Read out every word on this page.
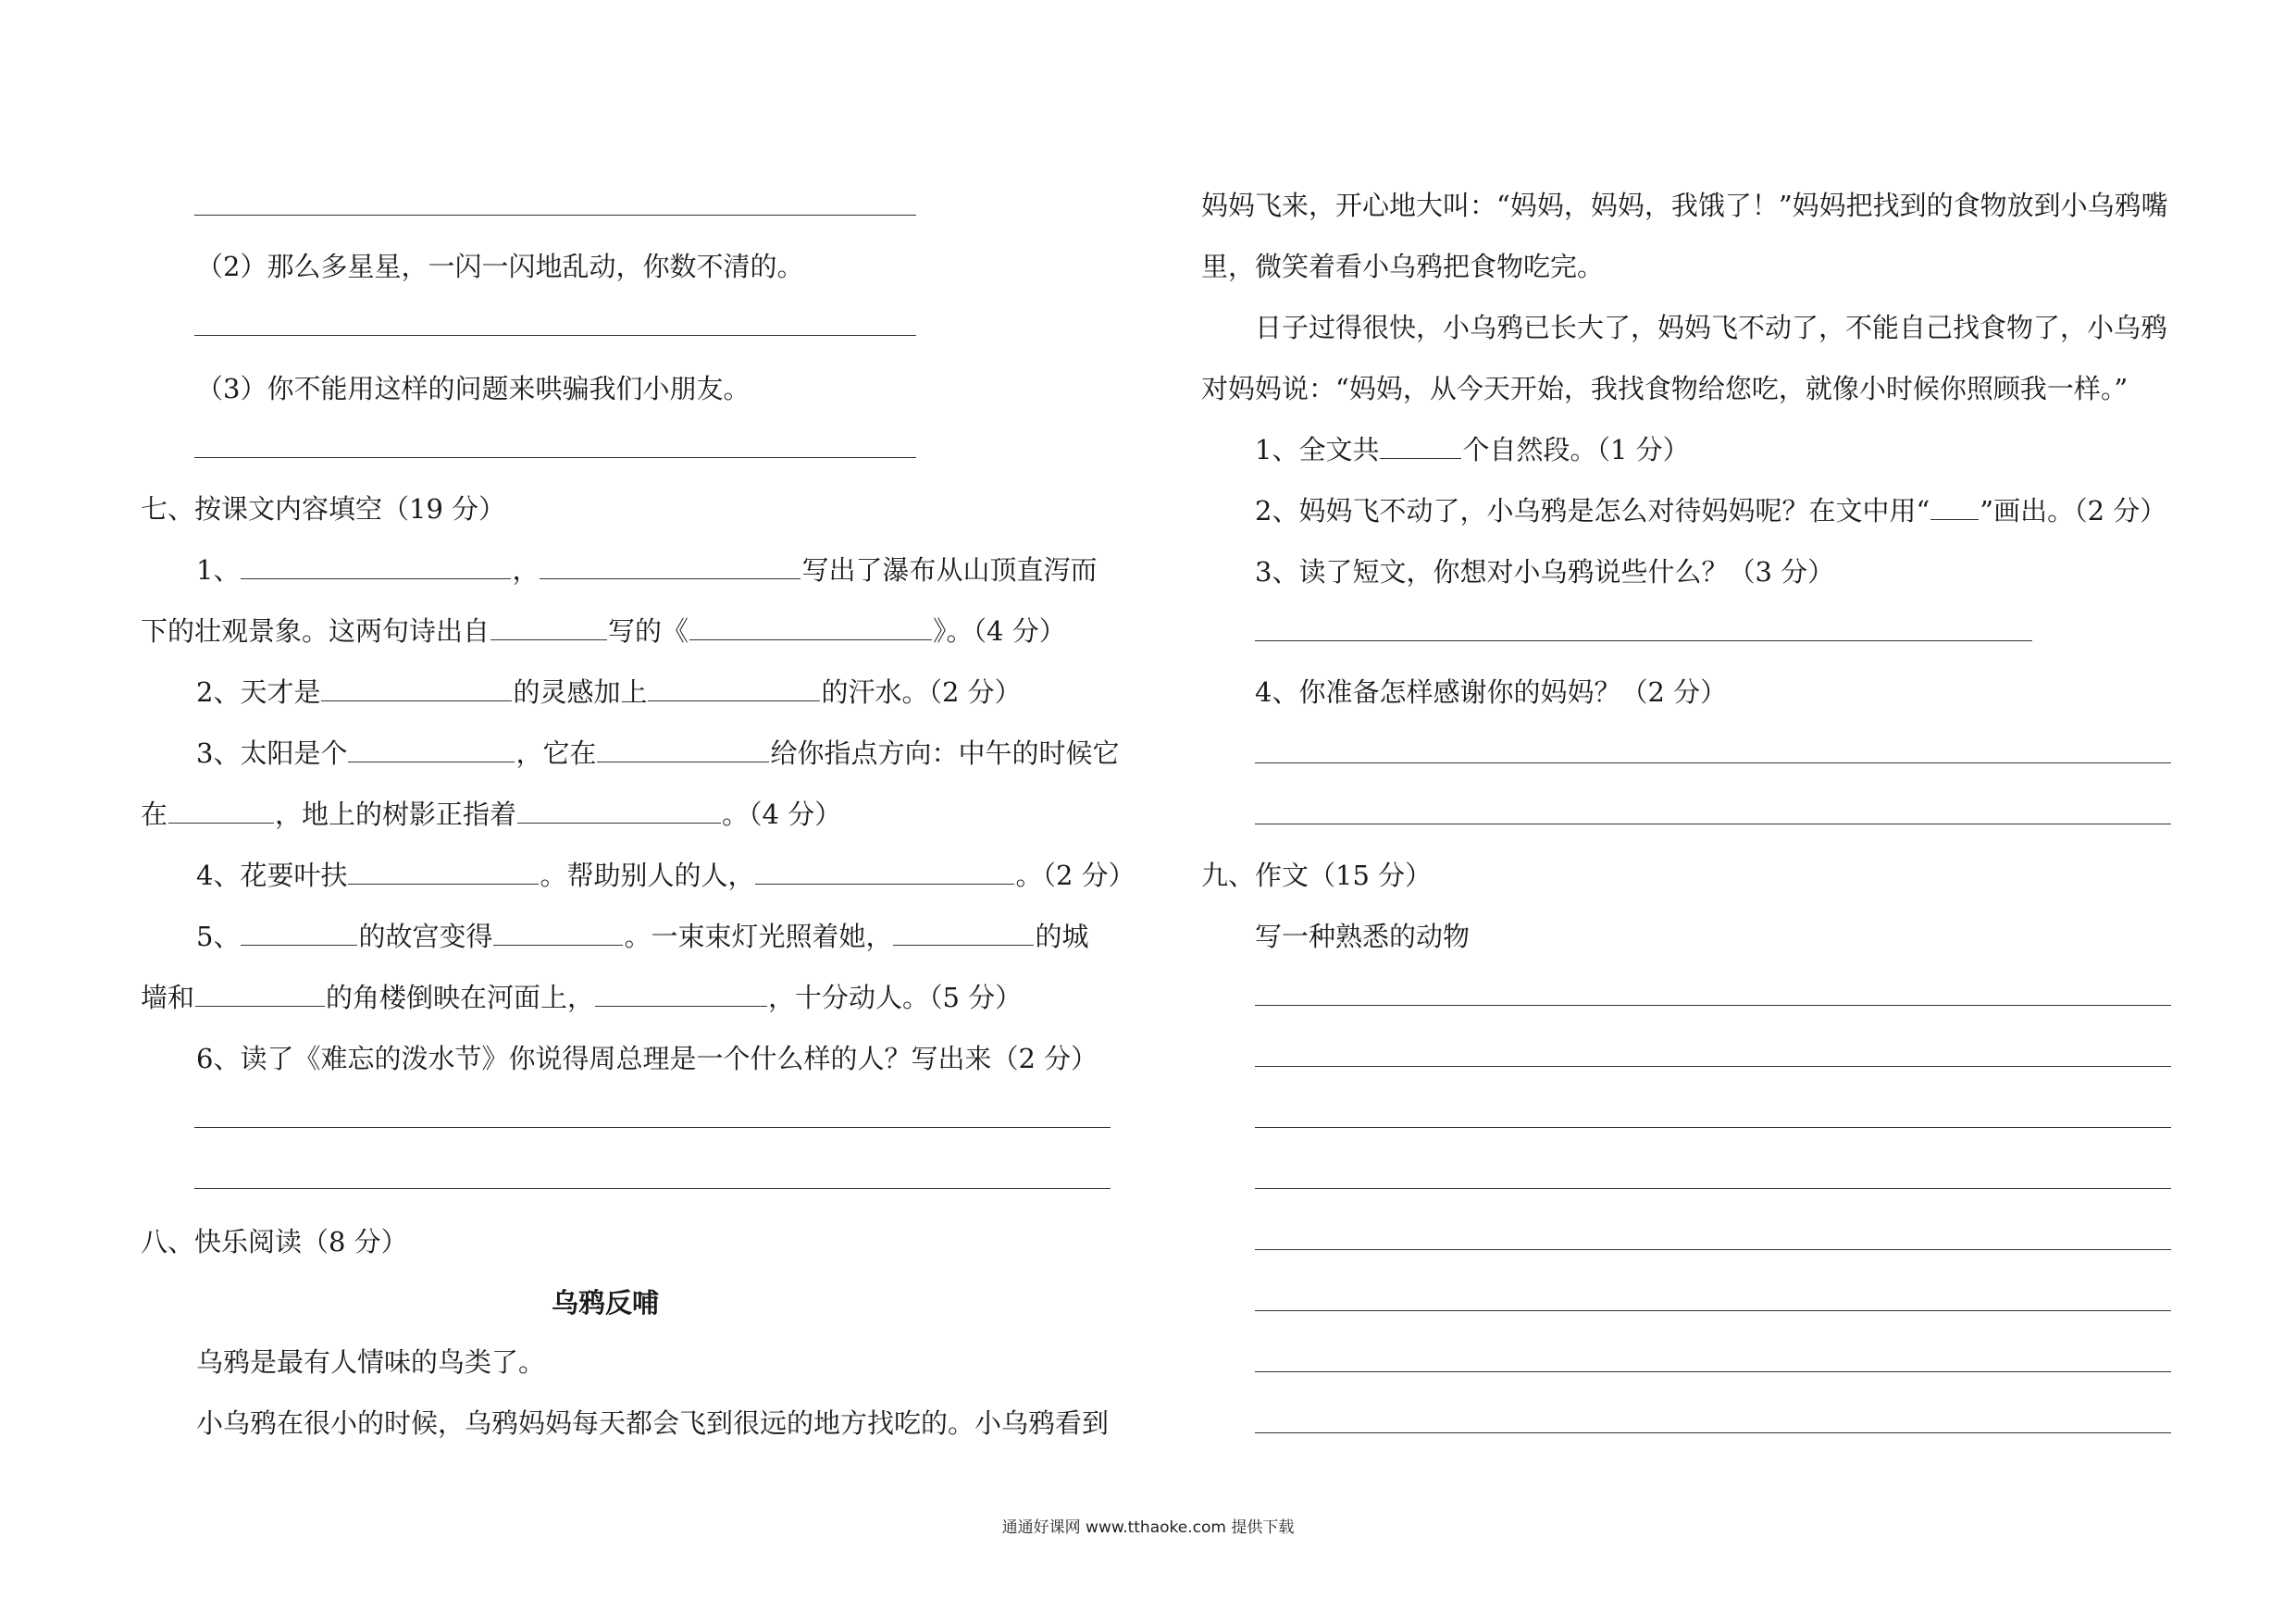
（2）那么多星星，一闪一闪地乱动，你数不清的。
（3）你不能用这样的问题来哄骗我们小朋友。
七、按课文内容填空（19 分）
1、	，	写出了瀑布从山顶直泻而
下的壮观景象。这两句诗出自	写的《	》。（4 分）
2、天才是	的灵感加上	的汗水。（2 分）
3、太阳是个	，它在	给你指点方向：中午的时候它
在	，地上的树影正指着	。（4 分）
4、花要叶扶	。帮助别人的人，	。（2 分）
5、	的故宫变得	。一束束灯光照着她，	的城
墙和	的角楼倒映在河面上，	，十分动人。（5 分）
6、读了《难忘的泼水节》你说得周总理是一个什么样的人？写出来（2 分）
八、快乐阅读（8 分）
乌鸦反哺
乌鸦是最有人情味的鸟类了。
小乌鸦在很小的时候，乌鸦妈妈每天都会飞到很远的地方找吃的。小乌鸦看到
妈妈飞来，开心地大叫：“妈妈，妈妈，我饿了！”妈妈把找到的食物放到小乌鸦嘴
里，微笑着看小乌鸦把食物吃完。
日子过得很快，小乌鸦已长大了，妈妈飞不动了，不能自己找食物了，小乌鸦
对妈妈说：“妈妈，从今天开始，我找食物给您吃，就像小时候你照顾我一样。”
1、全文共	个自然段。（1 分）
2、妈妈飞不动了，小乌鸦是怎么对待妈妈呢？在文中用“ ”画出。（2 分）
3、读了短文，你想对小乌鸦说些什么？（3 分）
4、你准备怎样感谢你的妈妈？（2 分）
九、作文（15 分）
写一种熟悉的动物
通通好课网 www.tthaoke.com 提供下载
